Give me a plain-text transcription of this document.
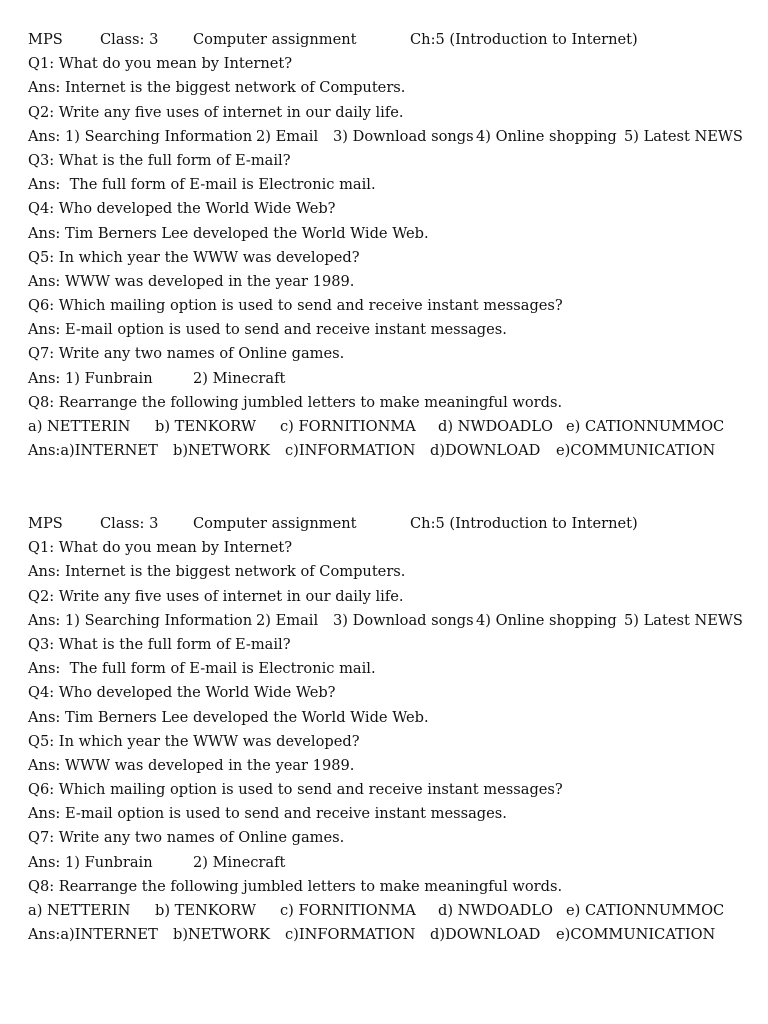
MPS	Class: 3 Computer assignment	Ch:5 (Introduction to Internet)
Q1: What do you mean by Internet?
Ans: Internet is the biggest network of Computers.
Q2: Write any five uses of internet in our daily life.
Ans: 1) Searching Information 2) Email 3) Download songs 4) Online shopping 5) Latest NEWS
Q3: What is the full form of E-mail?
Ans:  The full form of E-mail is Electronic mail.
Q4: Who developed the World Wide Web?
Ans: Tim Berners Lee developed the World Wide Web.
Q5: In which year the WWW was developed?
Ans: WWW was developed in the year 1989.
Q6: Which mailing option is used to send and receive instant messages?
Ans: E-mail option is used to send and receive instant messages.
Q7: Write any two names of Online games.
Ans: 1) Funbrain	2) Minecraft
Q8: Rearrange the following jumbled letters to make meaningful words.
a) NETTERIN b) TENKORW c) FORNITIONMA d) NWDOADLO e) CATIONNUMMOC
Ans:a)INTERNET b)NETWORK c)INFORMATION d)DOWNLOAD e)COMMUNICATION
MPS	Class: 3 Computer assignment	Ch:5 (Introduction to Internet)
Q1: What do you mean by Internet?
Ans: Internet is the biggest network of Computers.
Q2: Write any five uses of internet in our daily life.
Ans: 1) Searching Information 2) Email 3) Download songs 4) Online shopping 5) Latest NEWS
Q3: What is the full form of E-mail?
Ans:  The full form of E-mail is Electronic mail.
Q4: Who developed the World Wide Web?
Ans: Tim Berners Lee developed the World Wide Web.
Q5: In which year the WWW was developed?
Ans: WWW was developed in the year 1989.
Q6: Which mailing option is used to send and receive instant messages?
Ans: E-mail option is used to send and receive instant messages.
Q7: Write any two names of Online games.
Ans: 1) Funbrain	2) Minecraft
Q8: Rearrange the following jumbled letters to make meaningful words.
a) NETTERIN b) TENKORW c) FORNITIONMA d) NWDOADLO e) CATIONNUMMOC
Ans:a)INTERNET b)NETWORK c)INFORMATION d)DOWNLOAD e)COMMUNICATION
